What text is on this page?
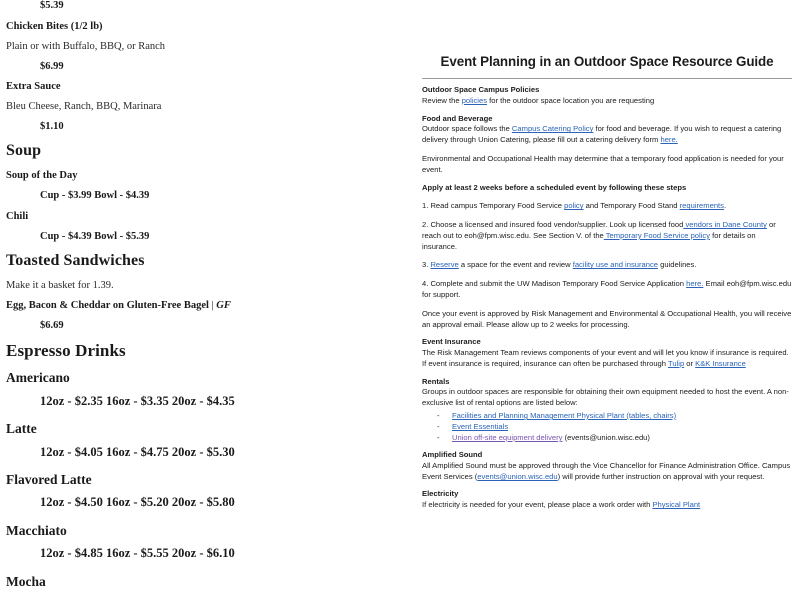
$5.39
Chicken Bites (1/2 lb)
Plain or with Buffalo, BBQ, or Ranch
$6.99
Extra Sauce
Bleu Cheese, Ranch, BBQ, Marinara
$1.10
Soup
Soup of the Day
Cup - $3.99 Bowl - $4.39
Chili
Cup - $4.39 Bowl - $5.39
Toasted Sandwiches
Make it a basket for 1.39.
Egg, Bacon & Cheddar on Gluten-Free Bagel | GF
$6.69
Espresso Drinks
Americano
12oz - $2.35 16oz - $3.35 20oz - $4.35
Latte
12oz - $4.05 16oz - $4.75 20oz - $5.30
Flavored Latte
12oz - $4.50 16oz - $5.20 20oz - $5.80
Macchiato
12oz - $4.85 16oz - $5.55 20oz - $6.10
Mocha
Event Planning in an Outdoor Space Resource Guide
Outdoor Space Campus Policies

Review the policies for the outdoor space location you are requesting

Food and Beverage

Outdoor space follows the Campus Catering Policy for food and beverage. If you wish to request a catering delivery through Union Catering, please fill out a catering delivery form here.

Environmental and Occupational Health may determine that a temporary food application is needed for your event.

Apply at least 2 weeks before a scheduled event by following these steps

1. Read campus Temporary Food Service policy and Temporary Food Stand requirements.

2. Choose a licensed and insured food vendor/supplier. Look up licensed food vendors in Dane County or reach out to eoh@fpm.wisc.edu. See Section V. of the Temporary Food Service policy for details on insurance.

3. Reserve a space for the event and review facility use and insurance guidelines.

4. Complete and submit the UW Madison Temporary Food Service Application here. Email eoh@fpm.wisc.edu for support.

Once your event is approved by Risk Management and Environmental & Occupational Health, you will receive an approval email. Please allow up to 2 weeks for processing.

Event Insurance

The Risk Management Team reviews components of your event and will let you know if insurance is required. If event insurance is required, insurance can often be purchased through Tulip or K&K Insurance

Rentals

Groups in outdoor spaces are responsible for obtaining their own equipment needed to host the event. A non-exclusive list of rental options are listed below:

- Facilities and Planning Management Physical Plant (tables, chairs)
- Event Essentials
- Union off-site equipment delivery (events@union.wisc.edu)
Amplified Sound

All Amplified Sound must be approved through the Vice Chancellor for Finance Administration Office. Campus Event Services (events@union.wisc.edu) will provide further instruction on approval with your request.

Electricity

If electricity is needed for your event, please place a work order with Physical Plant
